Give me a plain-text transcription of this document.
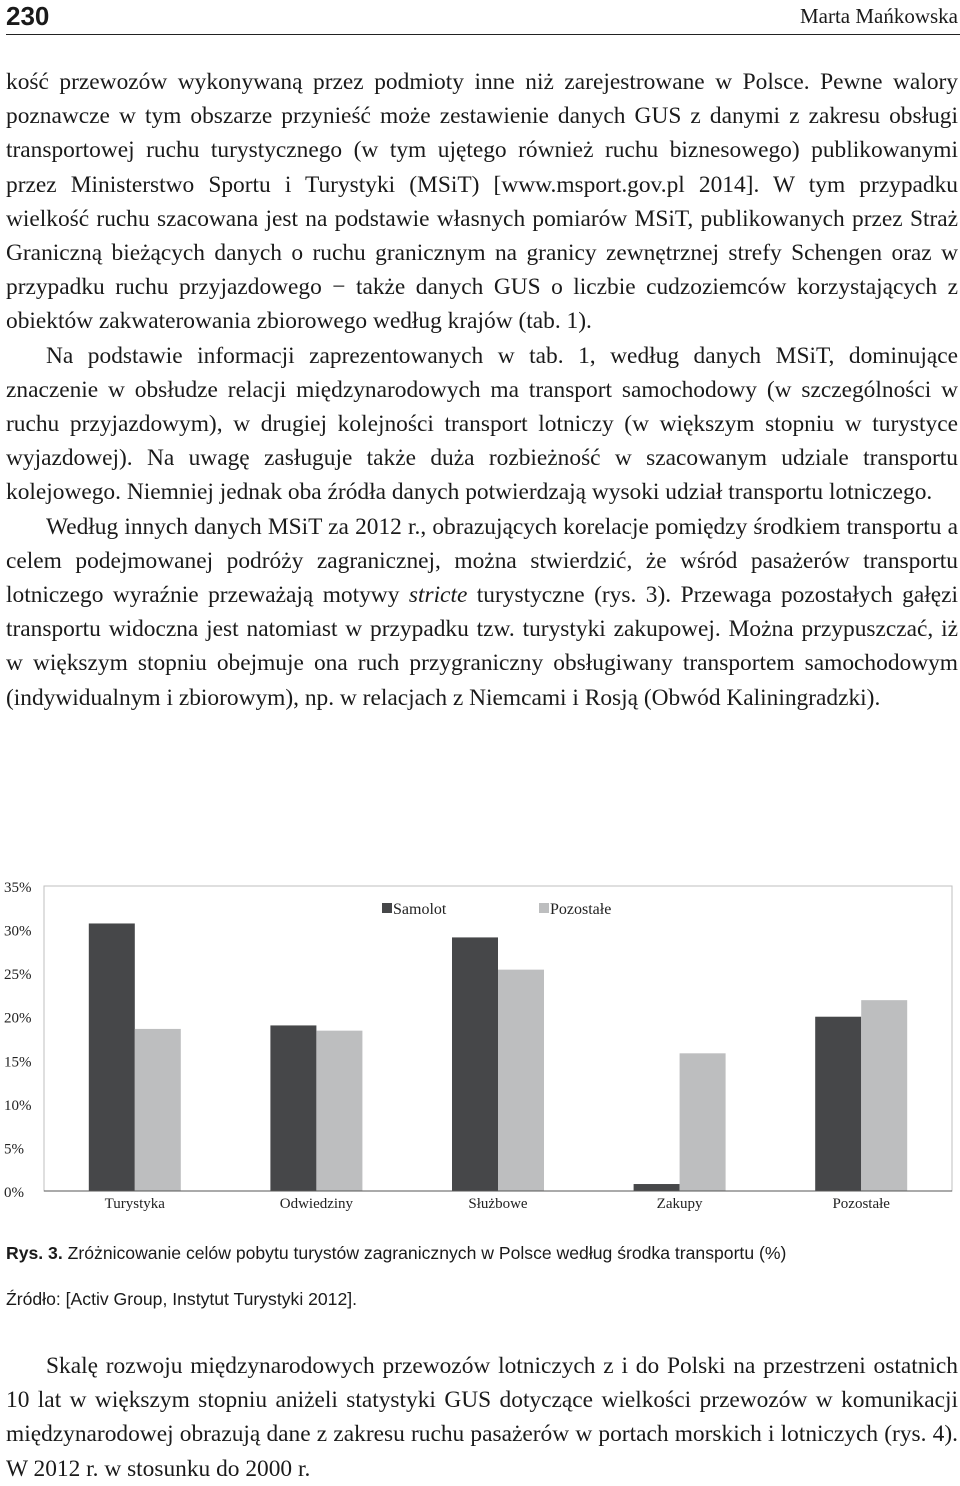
230	Marta Mańkowska

kość przewozów wykonywaną przez podmioty inne niż zarejestrowane w Polsce. Pewne walory poznawcze w tym obszarze przynieść może zestawienie danych GUS z danymi z zakresu obsługi transportowej ruchu turystycznego (w tym ujętego również ruchu biznesowego) publikowanymi przez Ministerstwo Sportu i Turystyki (MSiT) [www.msport.gov.pl 2014]. W tym przypadku wielkość ruchu szacowana jest na podstawie własnych pomiarów MSiT, publikowanych przez Straż Graniczną bieżących danych o ruchu granicznym na granicy zewnętrznej strefy Schengen oraz w przypadku ruchu przyjazdowego − także danych GUS o liczbie cudzoziemców korzystających z obiektów zakwaterowania zbiorowego według krajów (tab. 1).

Na podstawie informacji zaprezentowanych w tab. 1, według danych MSiT, dominujące znaczenie w obsłudze relacji międzynarodowych ma transport samochodowy (w szczególności w ruchu przyjazdowym), w drugiej kolejności transport lotniczy (w większym stopniu w turystyce wyjazdowej). Na uwagę zasługuje także duża rozbieżność w szacowanym udziale transportu kolejowego. Niemniej jednak oba źródła danych potwierdzają wysoki udział transportu lotniczego.

Według innych danych MSiT za 2012 r., obrazujących korelacje pomiędzy środkiem transportu a celem podejmowanej podróży zagranicznej, można stwierdzić, że wśród pasażerów transportu lotniczego wyraźnie przeważają motywy stricte turystyczne (rys. 3). Przewaga pozostałych gałęzi transportu widoczna jest natomiast w przypadku tzw. turystyki zakupowej. Można przypuszczać, iż w większym stopniu obejmuje ona ruch przygraniczny obsługiwany transportem samochodowym (indywidualnym i zbiorowym), np. w relacjach z Niemcami i Rosją (Obwód Kaliningradzki).

0%
5%
10%
15%
20%
25%
30%
35%
Turystyka	Odwiedziny	Służbowe	Zakupy	Pozostałe
Samolot	Pozostałe
Rys. 3. Zróżnicowanie celów pobytu turystów zagranicznych w Polsce według środka transportu (%)
Źródło: [Activ Group, Instytut Turystyki 2012].

Skalę rozwoju międzynarodowych przewozów lotniczych z i do Polski na przestrzeni ostatnich 10 lat w większym stopniu aniżeli statystyki GUS dotyczące wielkości przewozów w komunikacji międzynarodowej obrazują dane z zakresu ruchu pasażerów w portach morskich i lotniczych (rys. 4). W 2012 r. w stosunku do 2000 r.
